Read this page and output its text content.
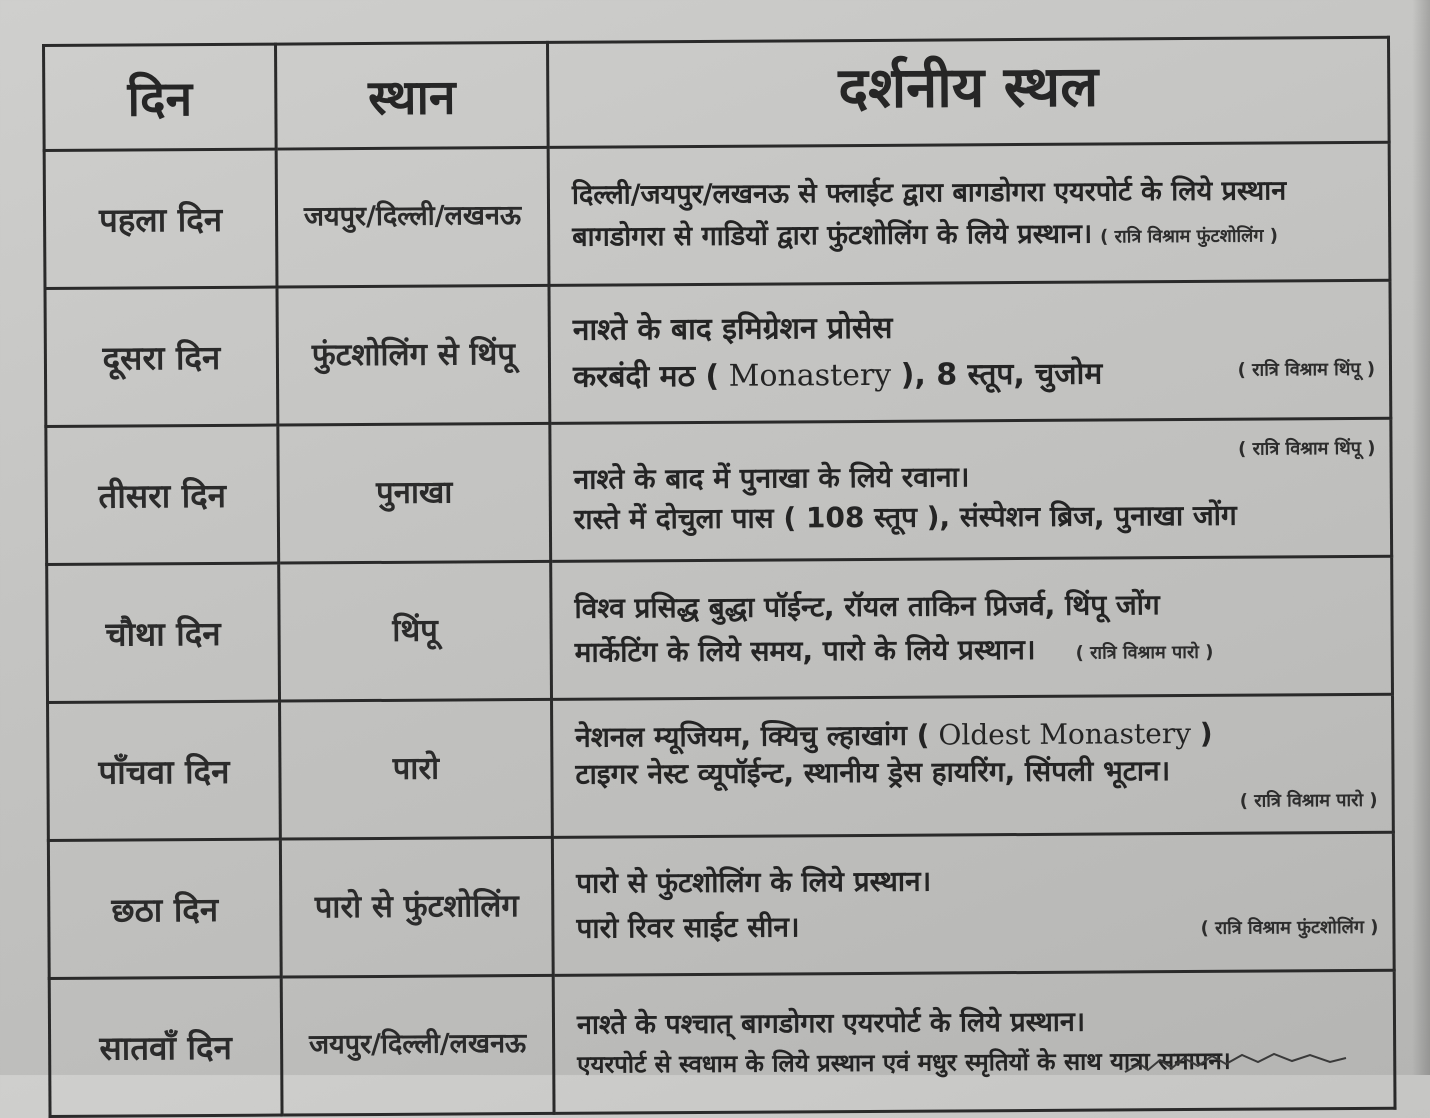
दिन	स्थान	दर्शनीय स्थल
पहला दिन	जयपुर/दिल्ली/लखनऊ	दिल्ली/जयपुर/लखनऊ से फ्लाईट द्वारा बागडोगरा एयरपोर्ट के लिये प्रस्थान
बागडोगरा से गाडियों द्वारा फुंटशोलिंग के लिये प्रस्थान। ( रात्रि विश्राम फुंटशोलिंग )

दूसरा दिन	फुंटशोलिंग से थिंपू	नाश्ते के बाद इमिग्रेशन प्रोसेस
करबंदी मठ ( Monastery ), 8 स्तूप, चुजोम ( रात्रि विश्राम थिंपू )

तीसरा दिन	पुनाखा	( रात्रि विश्राम थिंपू )
नाश्ते के बाद में पुनाखा के लिये रवाना।
रास्ते में दोचुला पास ( 108 स्तूप ), संस्पेशन ब्रिज, पुनाखा जोंग

चौथा दिन	थिंपू	विश्व प्रसिद्ध बुद्धा पॉईन्ट, रॉयल ताकिन प्रिजर्व, थिंपू जोंग
मार्केटिंग के लिये समय, पारो के लिये प्रस्थान। ( रात्रि विश्राम पारो )

पाँचवा दिन	पारो	नेशनल म्यूजियम, क्यिचु ल्हाखांग ( Oldest Monastery )
टाइगर नेस्ट व्यूपॉईन्ट, स्थानीय ड्रेस हायरिंग, सिंपली भूटान।
( रात्रि विश्राम पारो )

छठा दिन	पारो से फुंटशोलिंग	पारो से फुंटशोलिंग के लिये प्रस्थान।
पारो रिवर साईट सीन। ( रात्रि विश्राम फुंटशोलिंग )

सातवाँ दिन	जयपुर/दिल्ली/लखनऊ	नाश्ते के पश्चात् बागडोगरा एयरपोर्ट के लिये प्रस्थान।
एयरपोर्ट से स्वधाम के लिये प्रस्थान एवं मधुर स्मृतियों के साथ यात्रा समापन।
